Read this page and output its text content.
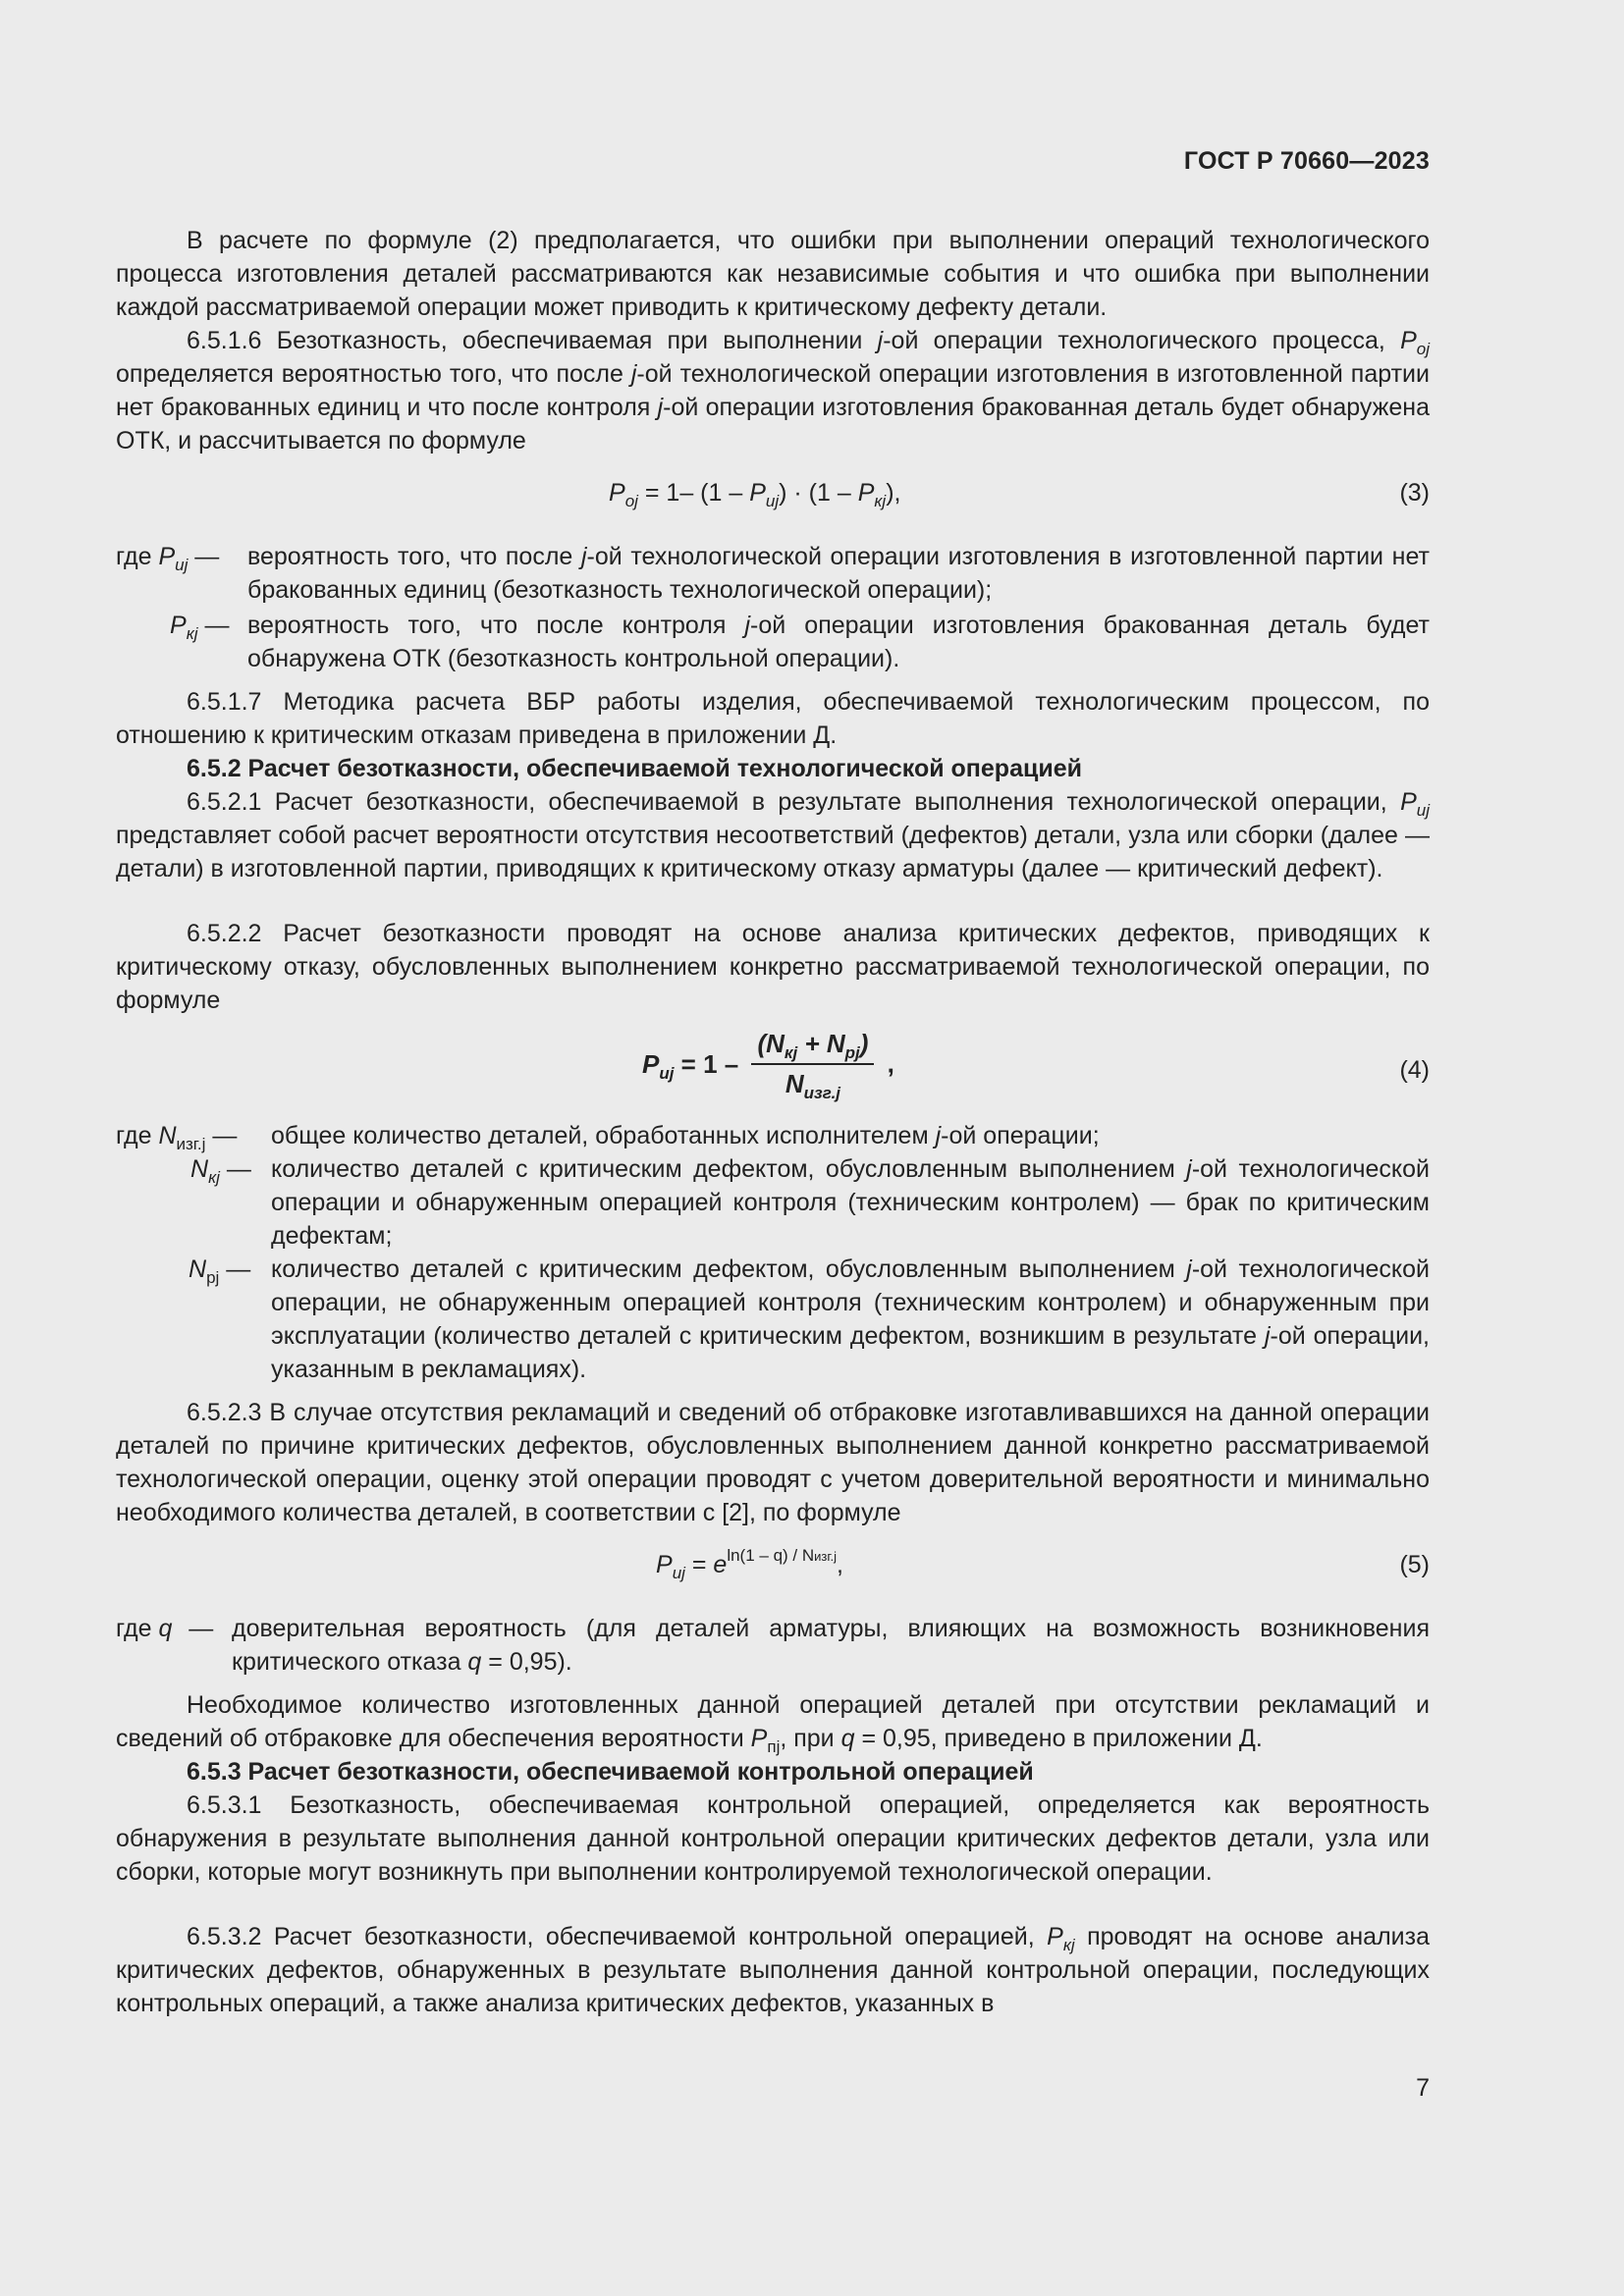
ГОСТ Р 70660—2023
В расчете по формуле (2) предполагается, что ошибки при выполнении операций технологического процесса изготовления деталей рассматриваются как независимые события и что ошибка при выполнении каждой рассматриваемой операции может приводить к критическому дефекту детали.
6.5.1.6 Безотказность, обеспечиваемая при выполнении j-ой операции технологического процесса, $P_{oj}$ определяется вероятностью того, что после j-ой технологической операции изготовления в изготовленной партии нет бракованных единиц и что после контроля j-ой операции изготовления бракованная деталь будет обнаружена ОТК, и рассчитывается по формуле
$P_{oj} = 1-$ $(1 - P_{иj}) \cdot (1 - P_{кj})$,	(3)
где $P_{иj}$ — вероятность того, что после j-ой технологической операции изготовления в изготовленной партии нет бракованных единиц (безотказность технологической операции);
$P_{кj}$ — вероятность того, что после контроля j-ой операции изготовления бракованная деталь будет обнаружена ОТК (безотказность контрольной операции).
6.5.1.7 Методика расчета ВБР работы изделия, обеспечиваемой технологическим процессом, по отношению к критическим отказам приведена в приложении Д.
6.5.2 Расчет безотказности, обеспечиваемой технологической операцией
6.5.2.1 Расчет безотказности, обеспечиваемой в результате выполнения технологической операции, $P_{иj}$ представляет собой расчет вероятности отсутствия несоответствий (дефектов) детали, узла или сборки (далее — детали) в изготовленной партии, приводящих к критическому отказу арматуры (далее — критический дефект).
6.5.2.2 Расчет безотказности проводят на основе анализа критических дефектов, приводящих к критическому отказу, обусловленных выполнением конкретно рассматриваемой технологической операции, по формуле
$P_{иj} = 1 - \frac{(N_{кj} + N_{pj})}{N_{изг.j}}$ ,	(4)
где $N_{изг.j}$ — общее количество деталей, обработанных исполнителем j-ой операции;
$N_{кj}$ — количество деталей с критическим дефектом, обусловленным выполнением j-ой технологической операции и обнаруженным операцией контроля (техническим контролем) — брак по критическим дефектам;
$N_{pj}$ — количество деталей с критическим дефектом, обусловленным выполнением j-ой технологической операции, не обнаруженным операцией контроля (техническим контролем) и обнаруженным при эксплуатации (количество деталей с критическим дефектом, возникшим в результате j-ой операции, указанным в рекламациях).
6.5.2.3 В случае отсутствия рекламаций и сведений об отбраковке изготавливавшихся на данной операции деталей по причине критических дефектов, обусловленных выполнением данной конкретно рассматриваемой технологической операции, оценку этой операции проводят с учетом доверительной вероятности и минимально необходимого количества деталей, в соответствии с [2], по формуле
$P_{иj} = e^{ln(1 - q) / Nизг.j}$,	(5)
где q — доверительная вероятность (для деталей арматуры, влияющих на возможность возникновения критического отказа q = 0,95).
Необходимое количество изготовленных данной операцией деталей при отсутствии рекламаций и сведений об отбраковке для обеспечения вероятности $P_{пj}$, при q = 0,95, приведено в приложении Д.
6.5.3 Расчет безотказности, обеспечиваемой контрольной операцией
6.5.3.1 Безотказность, обеспечиваемая контрольной операцией, определяется как вероятность обнаружения в результате выполнения данной контрольной операции критических дефектов детали, узла или сборки, которые могут возникнуть при выполнении контролируемой технологической операции.
6.5.3.2 Расчет безотказности, обеспечиваемой контрольной операцией, $P_{кj}$ проводят на основе анализа критических дефектов, обнаруженных в результате выполнения данной контрольной операции, последующих контрольных операций, а также анализа критических дефектов, указанных в
7
